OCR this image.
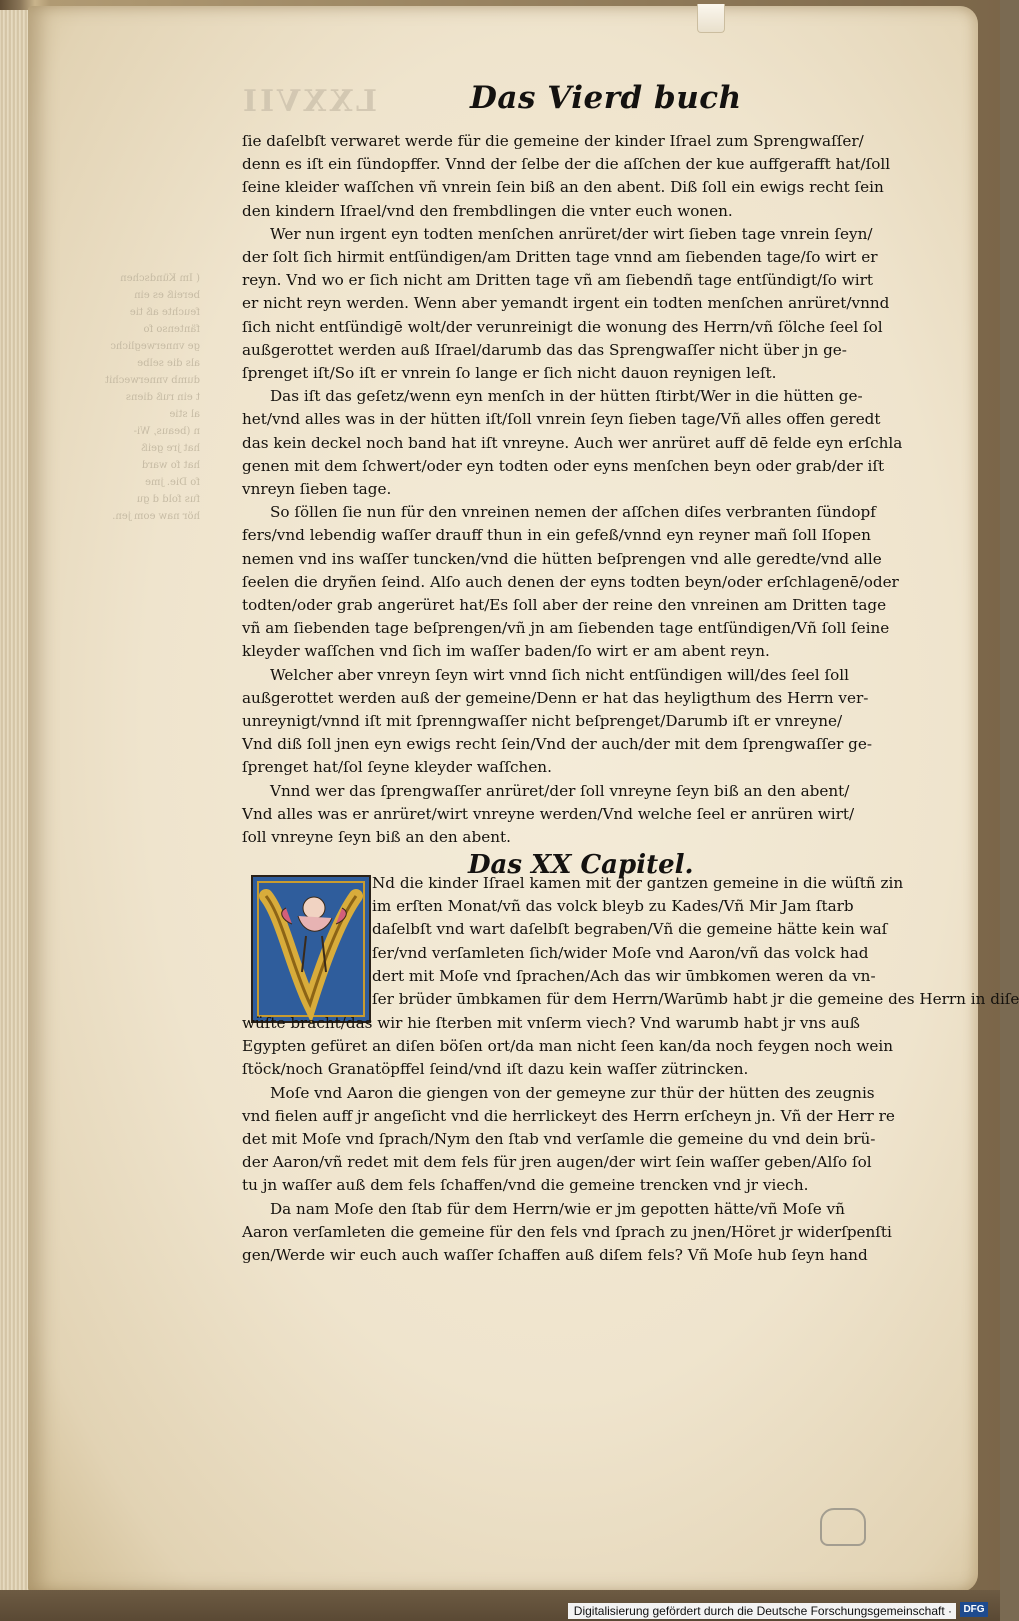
LXXVII
( Im Kündschen
bereiß es ein
feuchte aß tie
fäntenso fo
ge vnnerweglichc
als die selbe
dumb vnnerwechit
t ein ruß diens
al stie
n (beaus, Wi-
hat jre geiß
hat fo ward
fo Die. jme
fus fold d gu
hör naw eom jen.
Das Vierd buch
ſie daſelbſt verwaret werde für die gemeine der kinder Iſrael zum Sprengwaſſer/
denn es iſt ein ſündopffer. Vnnd der ſelbe der die aſſchen der kue auffgerafft hat/ſoll
ſeine kleider waſſchen vñ vnrein ſein biß an den abent. Diß ſoll ein ewigs recht ſein
den kindern Iſrael/vnd den frembdlingen die vnter euch wonen.
Wer nun irgent eyn todten menſchen anrüret/der wirt ſieben tage vnrein ſeyn/
der ſolt ſich hirmit entſündigen/am Dritten tage vnnd am ſiebenden tage/ſo wirt er
reyn. Vnd wo er ſich nicht am Dritten tage vñ am ſiebendñ tage entſündigt/ſo wirt
er nicht reyn werden. Wenn aber yemandt irgent ein todten menſchen anrüret/vnnd
ſich nicht entſündigē wolt/der verunreinigt die wonung des Herrn/vñ ſölche ſeel ſol
außgerottet werden auß Iſrael/darumb das das Sprengwaſſer nicht über jn ge-
ſprenget iſt/So iſt er vnrein ſo lange er ſich nicht dauon reynigen leſt.
Das iſt das geſetz/wenn eyn menſch in der hütten ſtirbt/Wer in die hütten ge-
het/vnd alles was in der hütten iſt/ſoll vnrein ſeyn ſieben tage/Vñ alles offen geredt
das kein deckel noch band hat iſt vnreyne. Auch wer anrüret auff dē felde eyn erſchla
genen mit dem ſchwert/oder eyn todten oder eyns menſchen beyn oder grab/der iſt
vnreyn ſieben tage.
So ſöllen ſie nun für den vnreinen nemen der aſſchen diſes verbranten ſündopf
fers/vnd lebendig waſſer drauff thun in ein gefeß/vnnd eyn reyner mañ ſoll Iſopen
nemen vnd ins waſſer tuncken/vnd die hütten beſprengen vnd alle geredte/vnd alle
ſeelen die dryñen ſeind. Alſo auch denen der eyns todten beyn/oder erſchlagenē/oder
todten/oder grab angerüret hat/Es ſoll aber der reine den vnreinen am Dritten tage
vñ am ſiebenden tage beſprengen/vñ jn am ſiebenden tage entſündigen/Vñ ſoll ſeine
kleyder waſſchen vnd ſich im waſſer baden/ſo wirt er am abent reyn.
Welcher aber vnreyn ſeyn wirt vnnd ſich nicht entſündigen will/des ſeel ſoll
außgerottet werden auß der gemeine/Denn er hat das heyligthum des Herrn ver-
unreynigt/vnnd iſt mit ſprenngwaſſer nicht beſprenget/Darumb iſt er vnreyne/
Vnd diß ſoll jnen eyn ewigs recht ſein/Vnd der auch/der mit dem ſprengwaſſer ge-
ſprenget hat/ſol ſeyne kleyder waſſchen.
Vnnd wer das ſprengwaſſer anrüret/der ſoll vnreyne ſeyn biß an den abent/
Vnd alles was er anrüret/wirt vnreyne werden/Vnd welche ſeel er anrüren wirt/
ſoll vnreyne ſeyn biß an den abent.
Das XX Capitel.
Nd die kinder Iſrael kamen mit der gantzen gemeine in die wüſtñ zin
im erſten Monat/vñ das volck bleyb zu Kades/Vñ Mir Jam ſtarb
daſelbſt vnd wart daſelbſt begraben/Vñ die gemeine hätte kein waſ
ſer/vnd verſamleten ſich/wider Moſe vnd Aaron/vñ das volck had
dert mit Moſe vnd ſprachen/Ach das wir ūmbkomen weren da vn-
ſer brüder ūmbkamen für dem Herrn/Warūmb habt jr die gemeine des Herrn in diſe
wüſte bracht/das wir hie ſterben mit vnſerm viech? Vnd warumb habt jr vns auß
Egypten gefüret an diſen böſen ort/da man nicht ſeen kan/da noch feygen noch wein
ſtöck/noch Granatöpffel ſeind/vnd iſt dazu kein waſſer zütrincken.
Moſe vnd Aaron die giengen von der gemeyne zur thür der hütten des zeugnis
vnd fielen auff jr angeſicht vnd die herrlickeyt des Herrn erſcheyn jn. Vñ der Herr re
det mit Moſe vnd ſprach/Nym den ſtab vnd verſamle die gemeine du vnd dein brü-
der Aaron/vñ redet mit dem fels für jren augen/der wirt ſein waſſer geben/Alſo ſol
tu jn waſſer auß dem fels ſchaffen/vnd die gemeine trencken vnd jr viech.
Da nam Moſe den ſtab für dem Herrn/wie er jm gepotten hätte/vñ Moſe vñ
Aaron verſamleten die gemeine für den fels vnd ſprach zu jnen/Höret jr widerſpenſti
gen/Werde wir euch auch waſſer ſchaffen auß diſem fels? Vñ Moſe hub ſeyn hand
Digitalisierung gefördert durch die Deutsche Forschungsgemeinschaft ·	DFG
